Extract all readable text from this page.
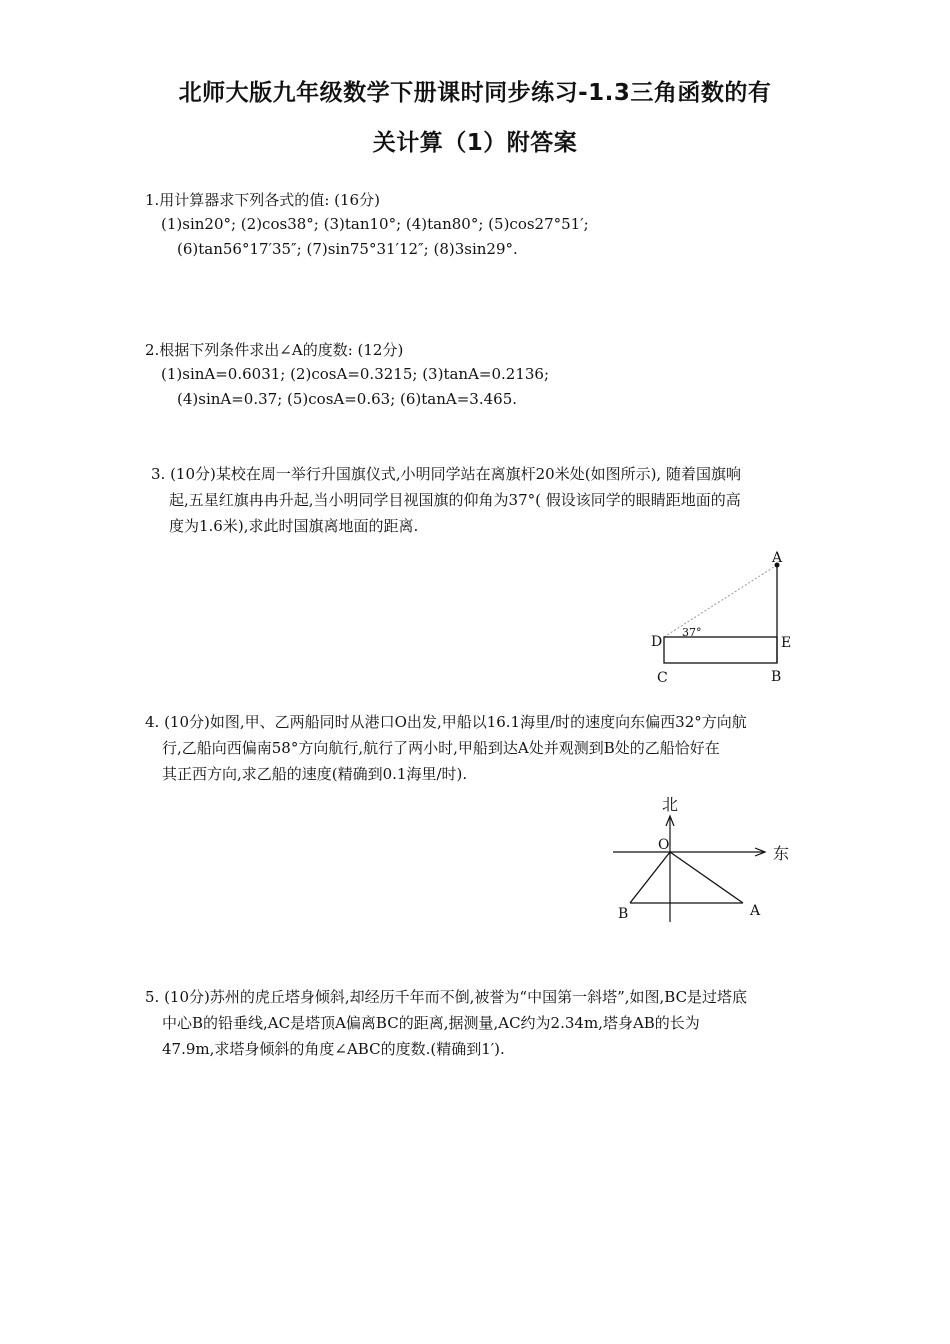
北师大版九年级数学下册课时同步练习-1.3三角函数的有
关计算（1）附答案
1.用计算器求下列各式的值: (16分)
(1)sin20°; (2)cos38°; (3)tan10°; (4)tan80°; (5)cos27°51′;
(6)tan56°17′35″; (7)sin75°31′12″; (8)3sin29°.
2.根据下列条件求出∠A的度数: (12分)
(1)sinA=0.6031; (2)cosA=0.3215; (3)tanA=0.2136;
(4)sinA=0.37; (5)cosA=0.63; (6)tanA=3.465.
3. (10分)某校在周一举行升国旗仪式,小明同学站在离旗杆20米处(如图所示), 随着国旗响
起,五星红旗冉冉升起,当小明同学目视国旗的仰角为37°( 假设该同学的眼睛距地面的高
度为1.6米),求此时国旗离地面的距离.
A
D	E
C	B
37°
4. (10分)如图,甲、乙两船同时从港口O出发,甲船以16.1海里/时的速度向东偏西32°方向航
行,乙船向西偏南58°方向航行,航行了两小时,甲船到达A处并观测到B处的乙船恰好在
其正西方向,求乙船的速度(精确到0.1海里/时).
北
东
O
B	A
5. (10分)苏州的虎丘塔身倾斜,却经历千年而不倒,被誉为“中国第一斜塔”,如图,BC是过塔底
中心B的铅垂线,AC是塔顶A偏离BC的距离,据测量,AC约为2.34m,塔身AB的长为
47.9m,求塔身倾斜的角度∠ABC的度数.(精确到1′).
